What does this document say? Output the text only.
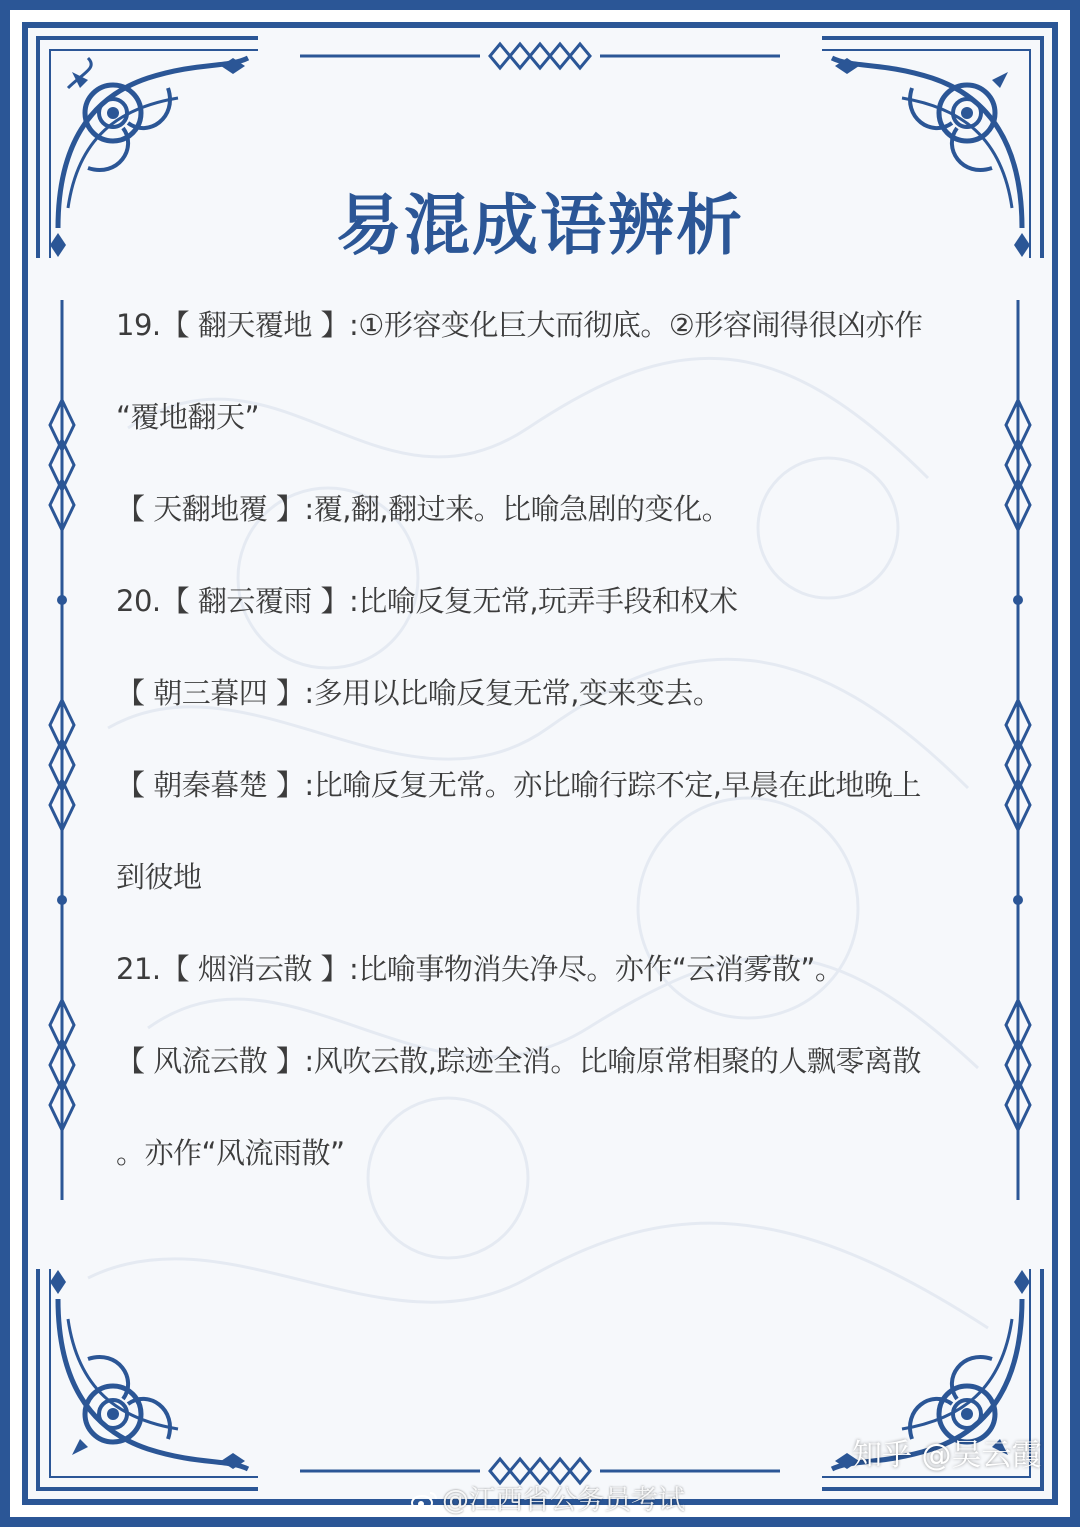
易混成语辨析
19.【 翻天覆地 】:①形容变化巨大而彻底。②形容闹得很凶亦作
“覆地翻天”
【 天翻地覆 】:覆,翻,翻过来。比喻急剧的变化。
20.【 翻云覆雨 】:比喻反复无常,玩弄手段和权术
【 朝三暮四 】:多用以比喻反复无常,变来变去。
【 朝秦暮楚 】:比喻反复无常。亦比喻行踪不定,早晨在此地晚上
到彼地
21.【 烟消云散 】:比喻事物消失净尽。亦作“云消雾散”。
【 风流云散 】:风吹云散,踪迹全消。比喻原常相聚的人飘零离散
。亦作“风流雨散”
知乎 @吴云霞
@江西省公务员考试
